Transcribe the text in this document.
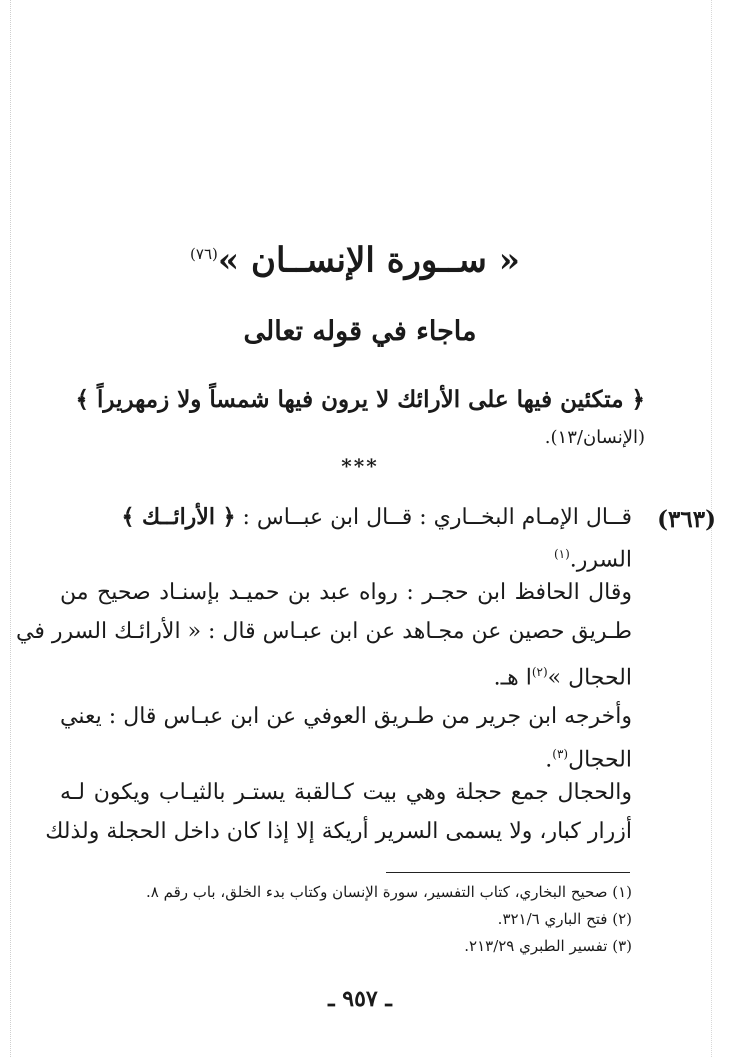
« ســورة الإنســان »$^{(٧٦)}$
ماجاء في قوله تعالى
﴿ متكئين فيها على الأرائك لا يرون فيها شمساً ولا زمهريراً ﴾
(الإنسان/١٣).
***
(٣٦٣)
قــال الإمـام البخــاري : قــال ابن عبــاس : ﴿ الأرائــك ﴾
السرر.$^{(١)}$
وقال الحافظ ابن حجـر : رواه عبد بن حميـد بإسنـاد صحيح من
طـريق حصين عن مجـاهد عن ابن عبـاس قال : « الأرائـك السرر في
الحجال »$^{(٢)}$ا هـ.
وأخرجه ابن جرير من طـريق العوفي عن ابن عبـاس قال : يعني
الحجال$^{(٣)}$.
والحجال جمع حجلة وهي بيت كـالقبة يستـر بالثيـاب ويكون لـه
أزرار كبار، ولا يسمى السرير أريكة إلا إذا كان داخل الحجلة ولذلك
(١) صحيح البخاري، كتاب التفسير، سورة الإنسان وكتاب بدء الخلق، باب رقم ٨.
(٢) فتح الباري ٣٢١/٦.
(٣) تفسير الطبري ٢١٣/٢٩.
ـ ٩٥٧ ـ
